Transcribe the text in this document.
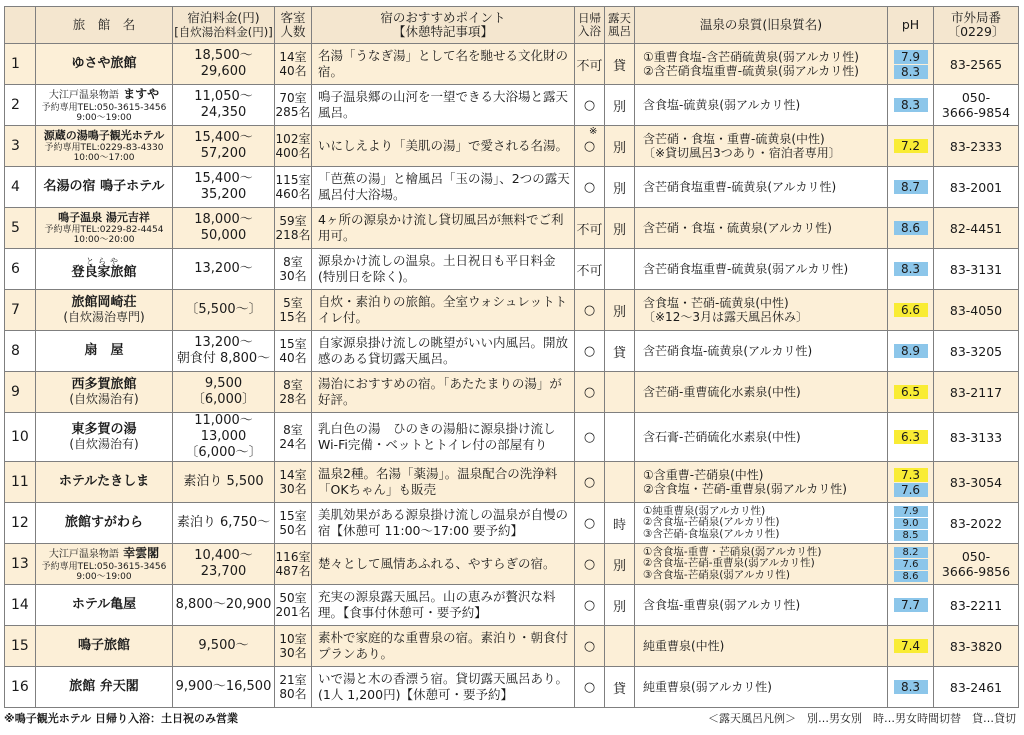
	旅　館　名	宿泊料金(円)
[自炊湯治料金(円)]	客室
人数	宿のおすすめポイント
【休憩特記事項】	日帰入浴	露天風呂	温泉の泉質(旧泉質名)	pH	市外局番
〔0229〕

1	ゆさや旅館	18,500〜29,600	14室
40名	名湯「うなぎ湯」として名を馳せる文化財の宿。	不可	貸	①重曹食塩-含芒硝硫黄泉(弱アルカリ性)
②含芒硝食塩重曹-硫黄泉(弱アルカリ性)	7.9
8.3	83-2565

2	大江戸温泉物語 ますや
予約専用TEL:050-3615-3456
9:00〜19:00	11,050〜24,350	70室
285名	鳴子温泉郷の山河を一望できる大浴場と露天風呂。	○	別	含食塩-硫黄泉(弱アルカリ性)	8.3	050-
3666-9854

3	源蔵の湯鳴子観光ホテル
予約専用TEL:0229-83-4330
10:00〜17:00	15,400〜57,200	102室
400名	いにしえより「美肌の湯」で愛される名湯。	○
※	別	含芒硝・食塩・重曹-硫黄泉(中性)
〔※貸切風呂3つあり・宿泊者専用〕	7.2	83-2333

4	名湯の宿 鳴子ホテル	15,400〜35,200	115室
460名	「芭蕉の湯」と檜風呂「玉の湯」、2つの露天風呂付大浴場。	○	別	含芒硝食塩重曹-硫黄泉(アルカリ性)	8.7	83-2001

5	鳴子温泉 湯元吉祥
予約専用TEL:0229-82-4454
10:00〜20:00	18,000〜50,000	59室
218名	4ヶ所の源泉かけ流し貸切風呂が無料でご利用可。	不可	別	含芒硝・食塩・硫黄泉(アルカリ性)	8.6	82-4451

6	とらや
登良家旅館	13,200〜	8室
30名	源泉かけ流しの温泉。土日祝日も平日料金(特別日を除く)。	不可		含芒硝食塩重曹-硫黄泉(弱アルカリ性)	8.3	83-3131

7	旅館岡崎荘
(自炊湯治専門)	〔5,500〜〕	5室
15名	自炊・素泊りの旅館。全室ウォシュレットトイレ付。	○	別	含食塩・芒硝-硫黄泉(中性)
〔※12〜3月は露天風呂休み〕	6.6	83-4050

8	扇　屋	13,200〜
朝食付 8,800〜	15室
40名	自家源泉掛け流しの眺望がいい内風呂。開放感のある貸切露天風呂。	○	貸	含芒硝食塩-硫黄泉(アルカリ性)	8.9	83-3205

9	西多賀旅館
(自炊湯治有)	9,500
〔6,000〕	8室
28名	湯治におすすめの宿。「あたたまりの湯」が好評。	○		含芒硝-重曹硫化水素泉(中性)	6.5	83-2117

10	東多賀の湯
(自炊湯治有)	11,000〜13,000
〔6,000〜〕	8室
24名	乳白色の湯　ひのきの湯船に源泉掛け流しWi-Fi完備・ベットとトイレ付の部屋有り	○		含石膏-芒硝硫化水素泉(中性)	6.3	83-3133

11	ホテルたきしま	素泊り 5,500	14室
30名	温泉2種。名湯「薬湯」。温泉配合の洗浄料「OKちゃん」も販売	○		①含重曹-芒硝泉(中性)
②含食塩・芒硝-重曹泉(弱アルカリ性)	7.3
7.6	83-3054

12	旅館すがわら	素泊り 6,750〜	15室
50名	美肌効果がある源泉掛け流しの温泉が自慢の宿【休憩可 11:00〜17:00 要予約】	○	時	①純重曹泉(弱アルカリ性)
②含食塩-芒硝泉(アルカリ性)
③含芒硝-食塩泉(アルカリ性)	7.9
9.0
8.5	83-2022

13	大江戸温泉物語 幸雲閣
予約専用TEL:050-3615-3456
9:00〜19:00	10,400〜23,700	116室
487名	楚々として風情あふれる、やすらぎの宿。	○	別	①含食塩-重曹・芒硝泉(弱アルカリ性)
②含食塩-芒硝-重曹泉(弱アルカリ性)
③含食塩-芒硝泉(弱アルカリ性)	8.2
7.6
8.6	050-
3666-9856

14	ホテル亀屋	8,800〜20,900	50室
201名	充実の源泉露天風呂。山の恵みが贅沢な料理。【食事付休憩可・要予約】	○	別	含食塩-重曹泉(弱アルカリ性)	7.7	83-2211

15	鳴子旅館	9,500〜	10室
30名	素朴で家庭的な重曹泉の宿。素泊り・朝食付プランあり。	○		純重曹泉(中性)	7.4	83-3820

16	旅館 弁天閣	9,900〜16,500	21室
80名	いで湯と木の香漂う宿。貸切露天風呂あり。(1人 1,200円)【休憩可・要予約】	○	貸	純重曹泉(弱アルカリ性)	8.3	83-2461
※鳴子観光ホテル 日帰り入浴：土日祝のみ営業	＜露天風呂凡例＞　別…男女別　時…男女時間切替　貸…貸切
